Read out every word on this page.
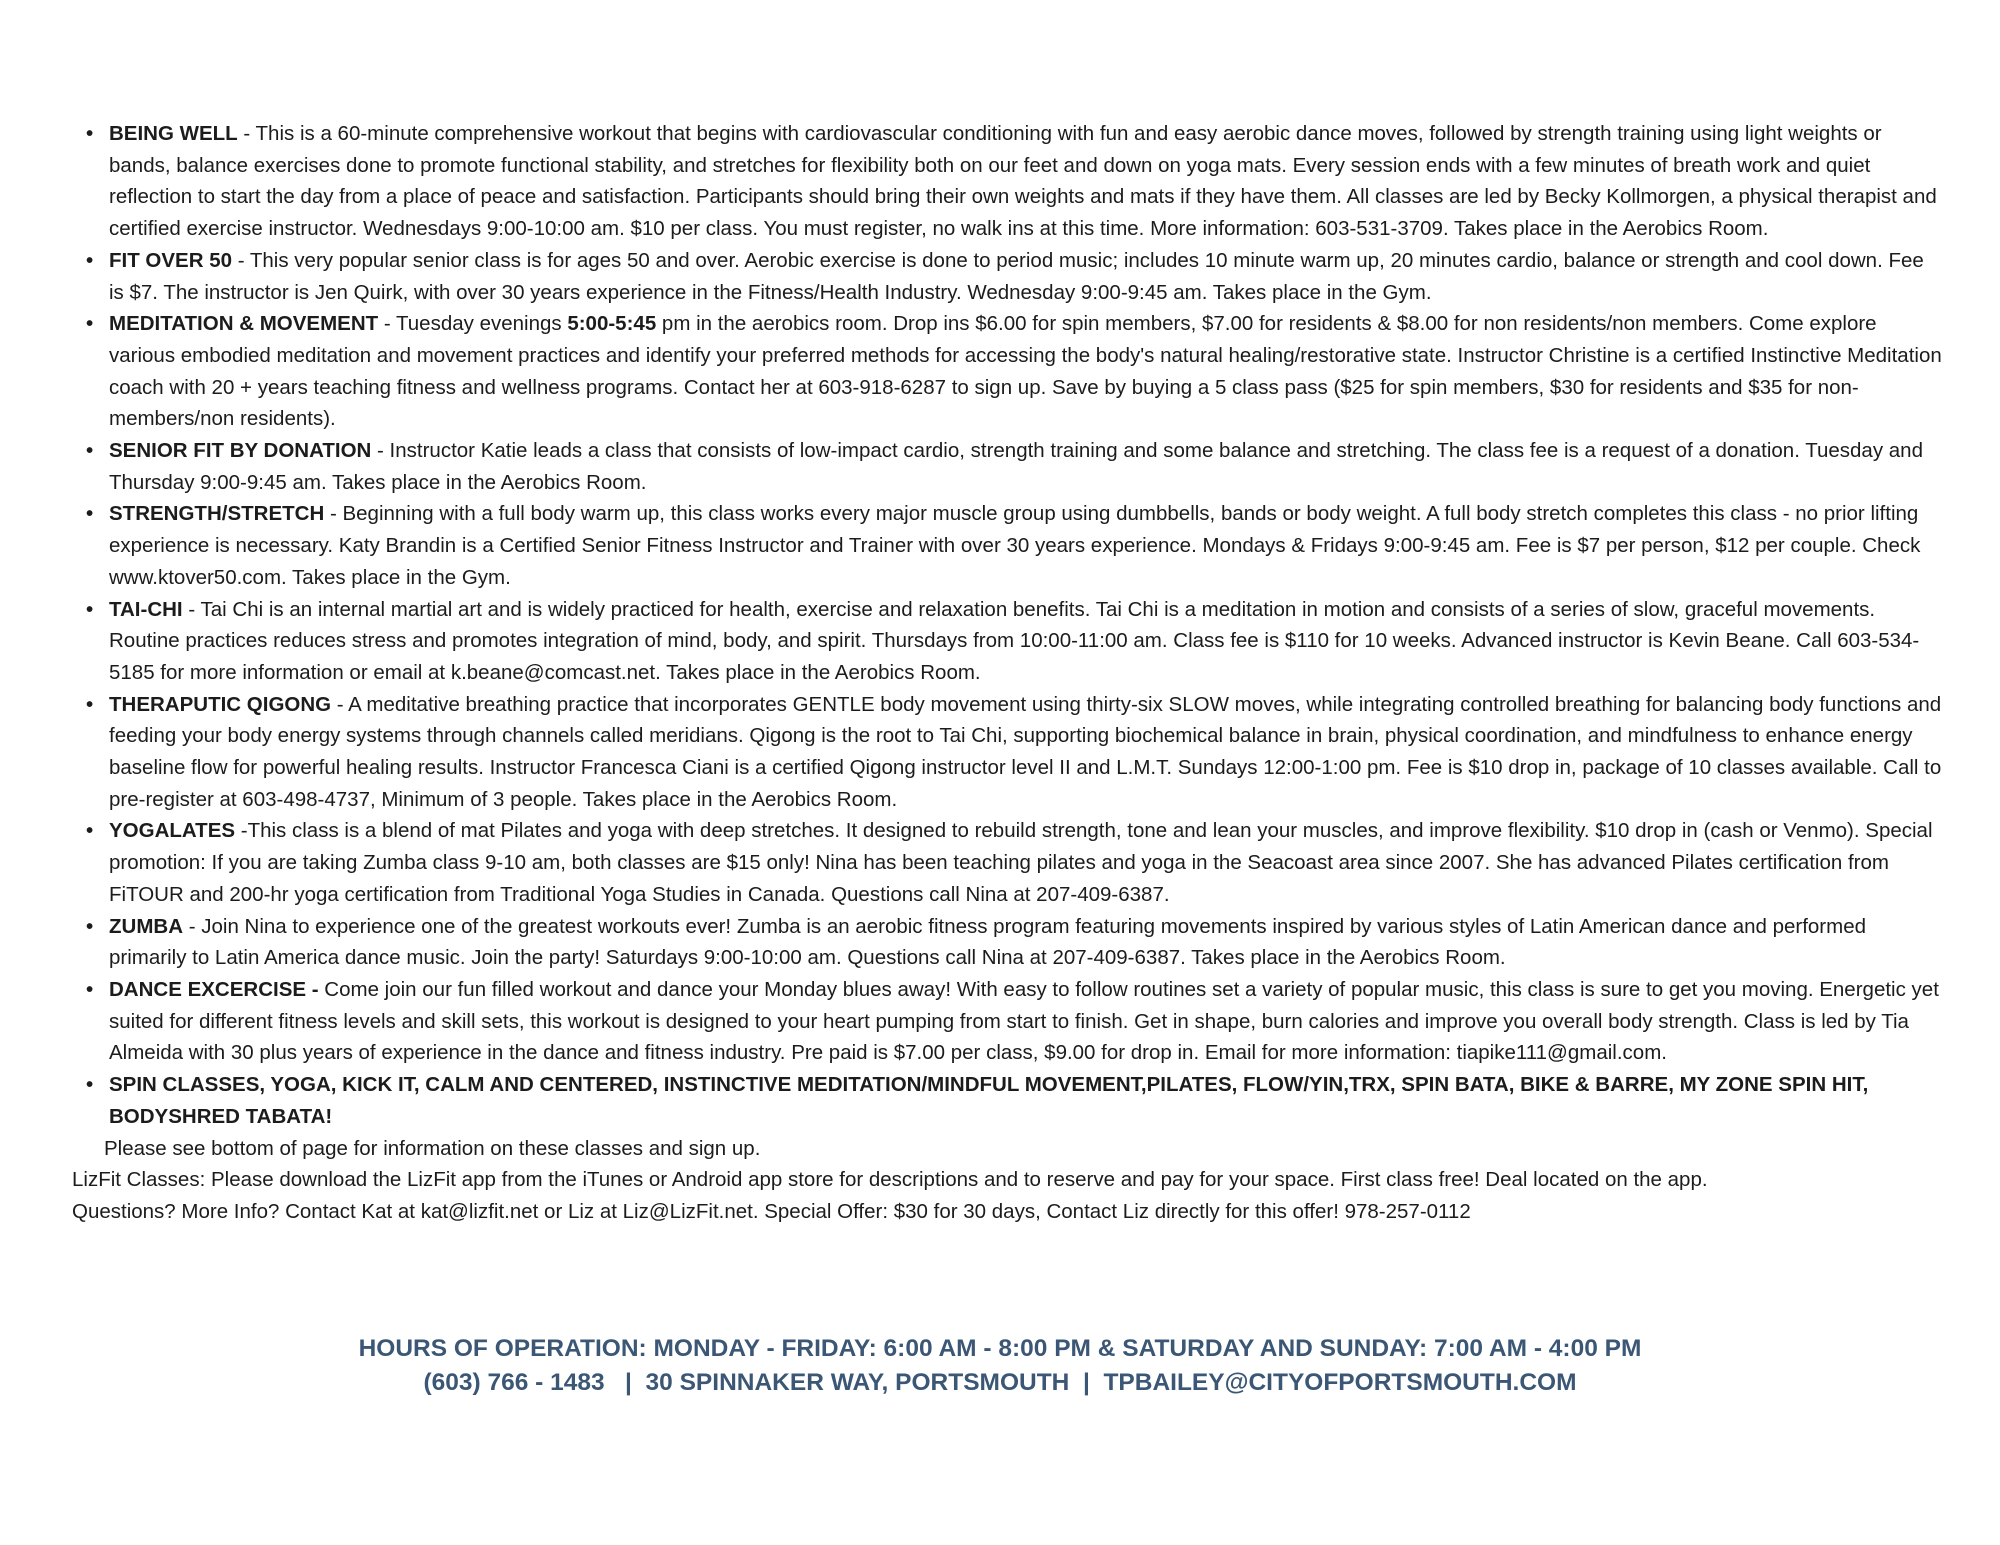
• BEING WELL - This is a 60-minute comprehensive workout that begins with cardiovascular conditioning with fun and easy aerobic dance moves, followed by strength training using light weights or bands, balance exercises done to promote functional stability, and stretches for flexibility both on our feet and down on yoga mats. Every session ends with a few minutes of breath work and quiet reflection to start the day from a place of peace and satisfaction. Participants should bring their own weights and mats if they have them. All classes are led by Becky Kollmorgen, a physical therapist and certified exercise instructor. Wednesdays 9:00-10:00 am. $10 per class. You must register, no walk ins at this time. More information: 603-531-3709. Takes place in the Aerobics Room.
• FIT OVER 50 - This very popular senior class is for ages 50 and over. Aerobic exercise is done to period music; includes 10 minute warm up, 20 minutes cardio, balance or strength and cool down. Fee is $7. The instructor is Jen Quirk, with over 30 years experience in the Fitness/Health Industry. Wednesday 9:00-9:45 am. Takes place in the Gym.
• MEDITATION & MOVEMENT - Tuesday evenings 5:00-5:45 pm in the aerobics room. Drop ins $6.00 for spin members, $7.00 for residents & $8.00 for non residents/non members. Come explore various embodied meditation and movement practices and identify your preferred methods for accessing the body's natural healing/restorative state. Instructor Christine is a certified Instinctive Meditation coach with 20 + years teaching fitness and wellness programs. Contact her at 603-918-6287 to sign up. Save by buying a 5 class pass ($25 for spin members, $30 for residents and $35 for non-members/non residents).
• SENIOR FIT BY DONATION - Instructor Katie leads a class that consists of low-impact cardio, strength training and some balance and stretching. The class fee is a request of a donation. Tuesday and Thursday 9:00-9:45 am. Takes place in the Aerobics Room.
• STRENGTH/STRETCH - Beginning with a full body warm up, this class works every major muscle group using dumbbells, bands or body weight. A full body stretch completes this class - no prior lifting experience is necessary. Katy Brandin is a Certified Senior Fitness Instructor and Trainer with over 30 years experience. Mondays & Fridays 9:00-9:45 am. Fee is $7 per person, $12 per couple. Check www.ktover50.com. Takes place in the Gym.
• TAI-CHI - Tai Chi is an internal martial art and is widely practiced for health, exercise and relaxation benefits. Tai Chi is a meditation in motion and consists of a series of slow, graceful movements. Routine practices reduces stress and promotes integration of mind, body, and spirit. Thursdays from 10:00-11:00 am. Class fee is $110 for 10 weeks. Advanced instructor is Kevin Beane. Call 603-534-5185 for more information or email at k.beane@comcast.net. Takes place in the Aerobics Room.
• THERAPUTIC QIGONG - A meditative breathing practice that incorporates GENTLE body movement using thirty-six SLOW moves, while integrating controlled breathing for balancing body functions and feeding your body energy systems through channels called meridians. Qigong is the root to Tai Chi, supporting biochemical balance in brain, physical coordination, and mindfulness to enhance energy baseline flow for powerful healing results. Instructor Francesca Ciani is a certified Qigong instructor level II and L.M.T. Sundays 12:00-1:00 pm. Fee is $10 drop in, package of 10 classes available. Call to pre-register at 603-498-4737, Minimum of 3 people. Takes place in the Aerobics Room.
• YOGALATES -This class is a blend of mat Pilates and yoga with deep stretches. It designed to rebuild strength, tone and lean your muscles, and improve flexibility. $10 drop in (cash or Venmo). Special promotion: If you are taking Zumba class 9-10 am, both classes are $15 only! Nina has been teaching pilates and yoga in the Seacoast area since 2007. She has advanced Pilates certification from FiTOUR and 200-hr yoga certification from Traditional Yoga Studies in Canada. Questions call Nina at 207-409-6387.
• ZUMBA - Join Nina to experience one of the greatest workouts ever! Zumba is an aerobic fitness program featuring movements inspired by various styles of Latin American dance and performed primarily to Latin America dance music. Join the party! Saturdays 9:00-10:00 am. Questions call Nina at 207-409-6387. Takes place in the Aerobics Room.
• DANCE EXCERCISE - Come join our fun filled workout and dance your Monday blues away! With easy to follow routines set a variety of popular music, this class is sure to get you moving. Energetic yet suited for different fitness levels and skill sets, this workout is designed to your heart pumping from start to finish. Get in shape, burn calories and improve you overall body strength. Class is led by Tia Almeida with 30 plus years of experience in the dance and fitness industry. Pre paid is $7.00 per class, $9.00 for drop in. Email for more information: tiapike111@gmail.com.
• SPIN CLASSES, YOGA, KICK IT, CALM AND CENTERED, INSTINCTIVE MEDITATION/MINDFUL MOVEMENT,PILATES, FLOW/YIN,TRX, SPIN BATA, BIKE & BARRE, MY ZONE SPIN HIT, BODYSHRED TABATA!
Please see bottom of page for information on these classes and sign up.
LizFit Classes: Please download the LizFit app from the iTunes or Android app store for descriptions and to reserve and pay for your space. First class free! Deal located on the app.
Questions? More Info? Contact Kat at kat@lizfit.net or Liz at Liz@LizFit.net. Special Offer: $30 for 30 days, Contact Liz directly for this offer! 978-257-0112
HOURS OF OPERATION: MONDAY - FRIDAY: 6:00 AM - 8:00 PM & SATURDAY AND SUNDAY: 7:00 AM - 4:00 PM
(603) 766 - 1483   |  30 SPINNAKER WAY, PORTSMOUTH  |  TPBAILEY@CITYOFPORTSMOUTH.COM
